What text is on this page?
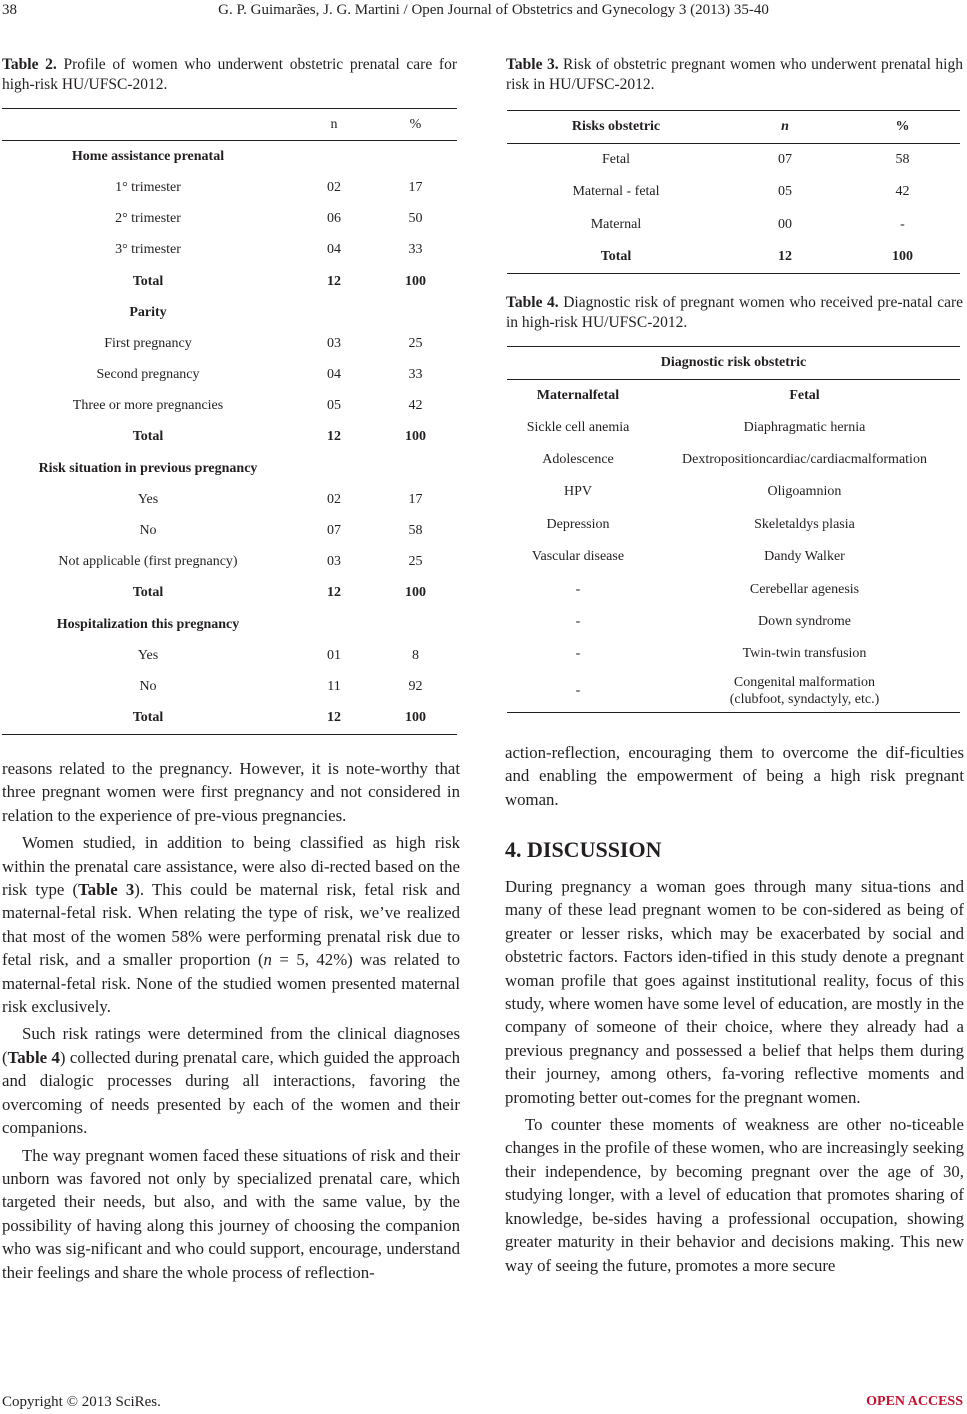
38	G. P. Guimarães, J. G. Martini / Open Journal of Obstetrics and Gynecology 3 (2013) 35-40
Table 2. Profile of women who underwent obstetric prenatal care for high-risk HU/UFSC-2012.
	n	%
Home assistance prenatal		
1° trimester	02	17
2° trimester	06	50
3° trimester	04	33
Total	12	100
Parity		
First pregnancy	03	25
Second pregnancy	04	33
Three or more pregnancies	05	42
Total	12	100
Risk situation in previous pregnancy		
Yes	02	17
No	07	58
Not applicable (first pregnancy)	03	25
Total	12	100
Hospitalization this pregnancy		
Yes	01	8
No	11	92
Total	12	100
Table 3. Risk of obstetric pregnant women who underwent prenatal high risk in HU/UFSC-2012.
Risks obstetric	n	%
Fetal	07	58
Maternal - fetal	05	42
Maternal	00	-
Total	12	100
Table 4. Diagnostic risk of pregnant women who received pre-natal care in high-risk HU/UFSC-2012.
Diagnostic risk obstetric	
Maternalfetal	Fetal
Sickle cell anemia	Diaphragmatic hernia
Adolescence	Dextropositioncardiac/cardiacmalformation
HPV	Oligoamnion
Depression	Skeletaldys plasia
Vascular disease	Dandy Walker
-	Cerebellar agenesis
-	Down syndrome
-	Twin-twin transfusion
-	Congenital malformation
(clubfoot, syndactyly, etc.)

reasons related to the pregnancy. However, it is note-worthy that three pregnant women were first pregnancy and not considered in relation to the experience of pre-vious pregnancies.

Women studied, in addition to being classified as high risk within the prenatal care assistance, were also di-rected based on the risk type (Table 3). This could be maternal risk, fetal risk and maternal-fetal risk. When relating the type of risk, we’ve realized that most of the women 58% were performing prenatal risk due to fetal risk, and a smaller proportion (n = 5, 42%) was related to maternal-fetal risk. None of the studied women presented maternal risk exclusively.

Such risk ratings were determined from the clinical diagnoses (Table 4) collected during prenatal care, which guided the approach and dialogic processes during all interactions, favoring the overcoming of needs presented by each of the women and their companions.

The way pregnant women faced these situations of risk and their unborn was favored not only by specialized prenatal care, which targeted their needs, but also, and with the same value, by the possibility of having along this journey of choosing the companion who was sig-nificant and who could support, encourage, understand their feelings and share the whole process of reflection-

action-reflection, encouraging them to overcome the dif-ficulties and enabling the empowerment of being a high risk pregnant woman.

4. DISCUSSION

During pregnancy a woman goes through many situa-tions and many of these lead pregnant women to be con-sidered as being of greater or lesser risks, which may be exacerbated by social and obstetric factors. Factors iden-tified in this study denote a pregnant woman profile that goes against institutional reality, focus of this study, where women have some level of education, are mostly in the company of someone of their choice, where they already had a previous pregnancy and possessed a belief that helps them during their journey, among others, fa-voring reflective moments and promoting better out-comes for the pregnant women.

To counter these moments of weakness are other no-ticeable changes in the profile of these women, who are increasingly seeking their independence, by becoming pregnant over the age of 30, studying longer, with a level of education that promotes sharing of knowledge, be-sides having a professional occupation, showing greater maturity in their behavior and decisions making. This new way of seeing the future, promotes a more secure

Copyright © 2013 SciRes.	OPEN ACCESS
